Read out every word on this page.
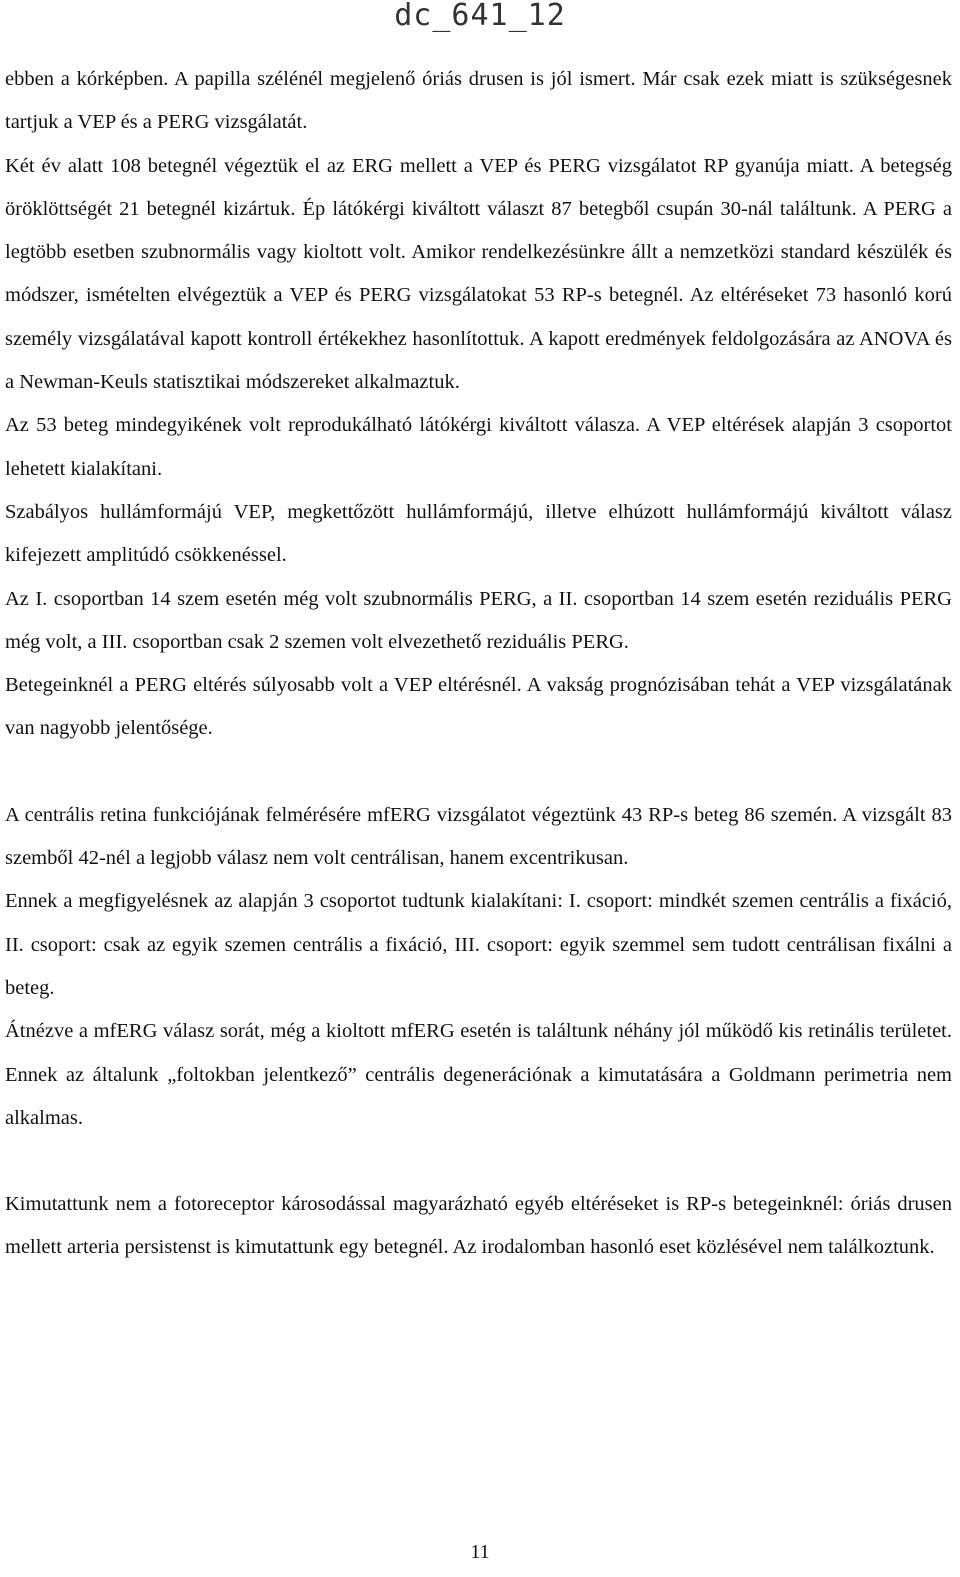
dc_641_12

ebben a kórképben. A papilla szélénél megjelenő óriás drusen is jól ismert. Már csak ezek miatt is szükségesnek tartjuk a VEP és a PERG vizsgálatát.

Két év alatt 108 betegnél végeztük el az ERG mellett a VEP és PERG vizsgálatot RP gyanúja miatt. A betegség öröklöttségét 21 betegnél kizártuk. Ép látókérgi kiváltott választ 87 betegből csupán 30-nál találtunk. A PERG a legtöbb esetben szubnormális vagy kioltott volt. Amikor rendelkezésünkre állt a nemzetközi standard készülék és módszer, ismételten elvégeztük a VEP és PERG vizsgálatokat 53 RP-s betegnél. Az eltéréseket 73 hasonló korú személy vizsgálatával kapott kontroll értékekhez hasonlítottuk. A kapott eredmények feldolgozására az ANOVA és a Newman-Keuls statisztikai módszereket alkalmaztuk.

Az 53 beteg mindegyikének volt reprodukálható látókérgi kiváltott válasza. A VEP eltérések alapján 3 csoportot lehetett kialakítani.

Szabályos hullámformájú VEP, megkettőzött hullámformájú, illetve elhúzott hullámformájú kiváltott válasz kifejezett amplitúdó csökkenéssel.

Az I. csoportban 14 szem esetén még volt szubnormális PERG, a II. csoportban 14 szem esetén reziduális PERG még volt, a III. csoportban csak 2 szemen volt elvezethető reziduális PERG.

Betegeinknél a PERG eltérés súlyosabb volt a VEP eltérésnél. A vakság prognózisában tehát a VEP vizsgálatának van nagyobb jelentősége.

A centrális retina funkciójának felmérésére mfERG vizsgálatot végeztünk 43 RP-s beteg 86 szemén. A vizsgált 83 szemből 42-nél a legjobb válasz nem volt centrálisan, hanem excentrikusan.

Ennek a megfigyelésnek az alapján 3 csoportot tudtunk kialakítani: I. csoport: mindkét szemen centrális a fixáció, II. csoport: csak az egyik szemen centrális a fixáció, III. csoport: egyik szemmel sem tudott centrálisan fixálni a beteg.

Átnézve a mfERG válasz sorát, még a kioltott mfERG esetén is találtunk néhány jól működő kis retinális területet. Ennek az általunk „foltokban jelentkező” centrális degenerációnak a kimutatására a Goldmann perimetria nem alkalmas.

Kimutattunk nem a fotoreceptor károsodással magyarázható egyéb eltéréseket is RP-s betegeinknél: óriás drusen mellett arteria persistenst is kimutattunk egy betegnél. Az irodalomban hasonló eset közlésével nem találkoztunk.

11
